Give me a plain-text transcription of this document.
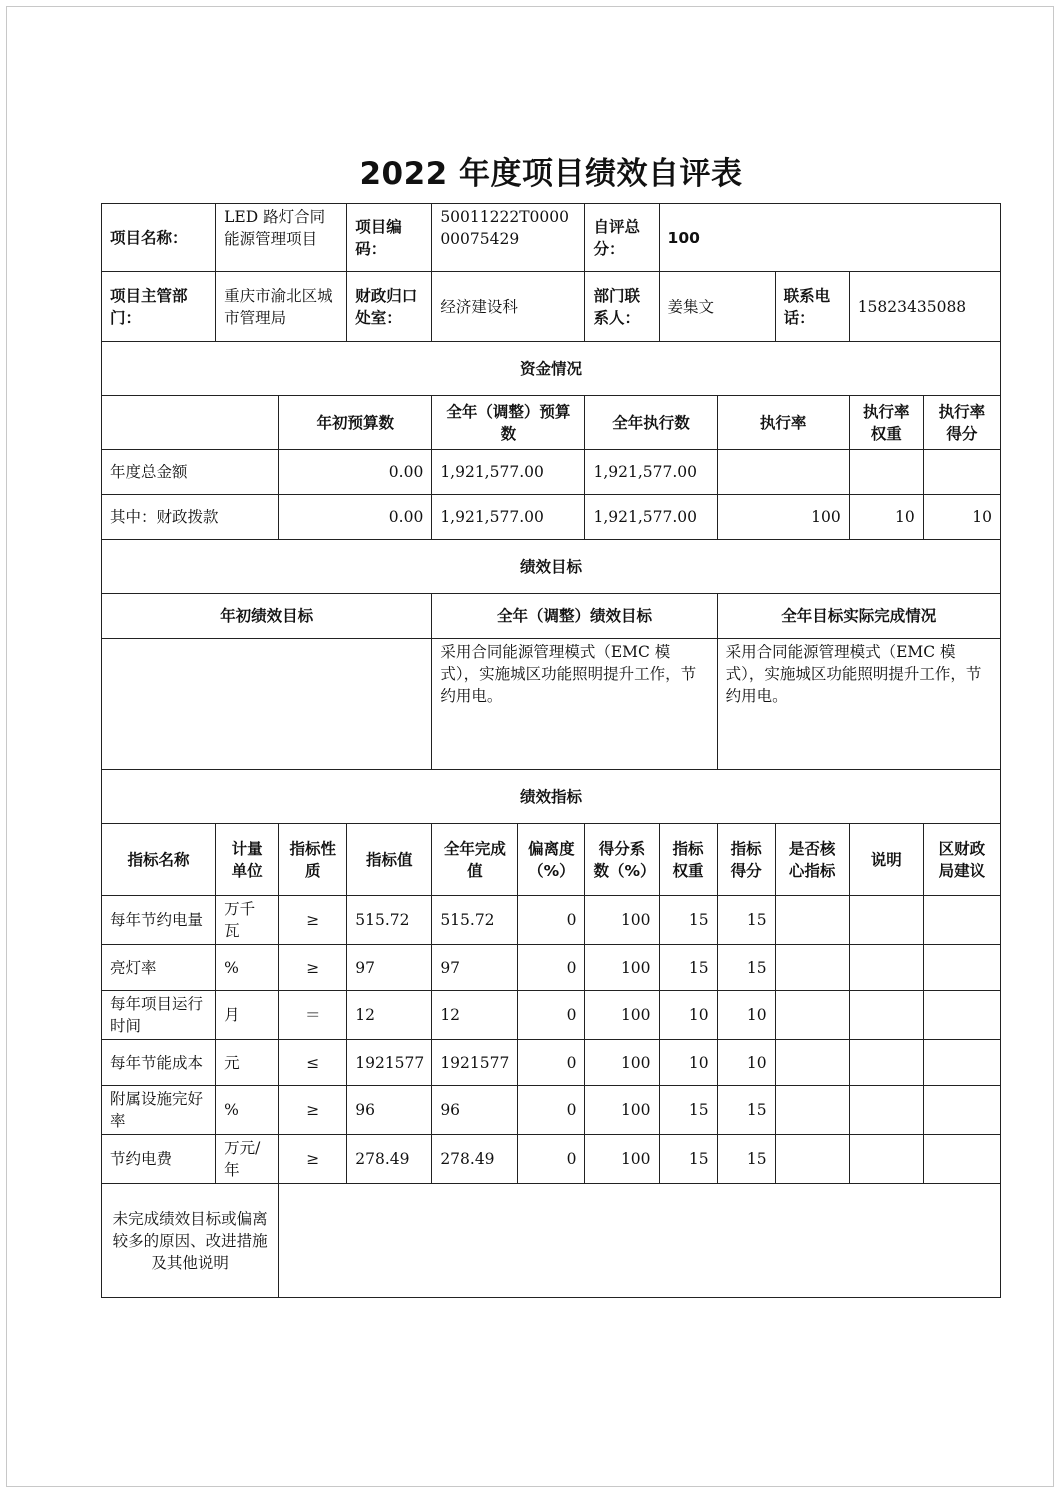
2022 年度项目绩效自评表
项目名称：	LED 路灯合同能源管理项目		项目编码：	50011222T000000075429		自评总分：	100				
项目主管部门：	重庆市渝北区城市管理局		财政归口处室：	经济建设科		部门联系人：	姜集文		联系电话：	15823435088	
资金情况											
		年初预算数		全年（调整）预算数		全年执行数		执行率		执行率权重	执行率得分
年度总金额		0.00		1,921,577.00		1,921,577.00					
其中：财政拨款		0.00		1,921,577.00		1,921,577.00		100		10	10
绩效目标											
年初绩效目标				全年（调整）绩效目标				全年目标实际完成情况			
				采用合同能源管理模式（EMC 模式），实施城区功能照明提升工作，节约用电。				采用合同能源管理模式（EMC 模式），实施城区功能照明提升工作，节约用电。			
绩效指标											
指标名称	计量单位	指标性质	指标值	全年完成值	偏离度（%）	得分系数（%）	指标权重	指标得分	是否核心指标	说明	区财政局建议
每年节约电量	万千瓦	≥	515.72	515.72	0	100	15	15			
亮灯率	%	≥	97	97	0	100	15	15			
每年项目运行时间	月	＝	12	12	0	100	10	10			
每年节能成本	元	≤	1921577	1921577	0	100	10	10			
附属设施完好率	%	≥	96	96	0	100	15	15			
节约电费	万元/年	≥	278.49	278.49	0	100	15	15			
未完成绩效目标或偏离较多的原因、改进措施及其他说明											
